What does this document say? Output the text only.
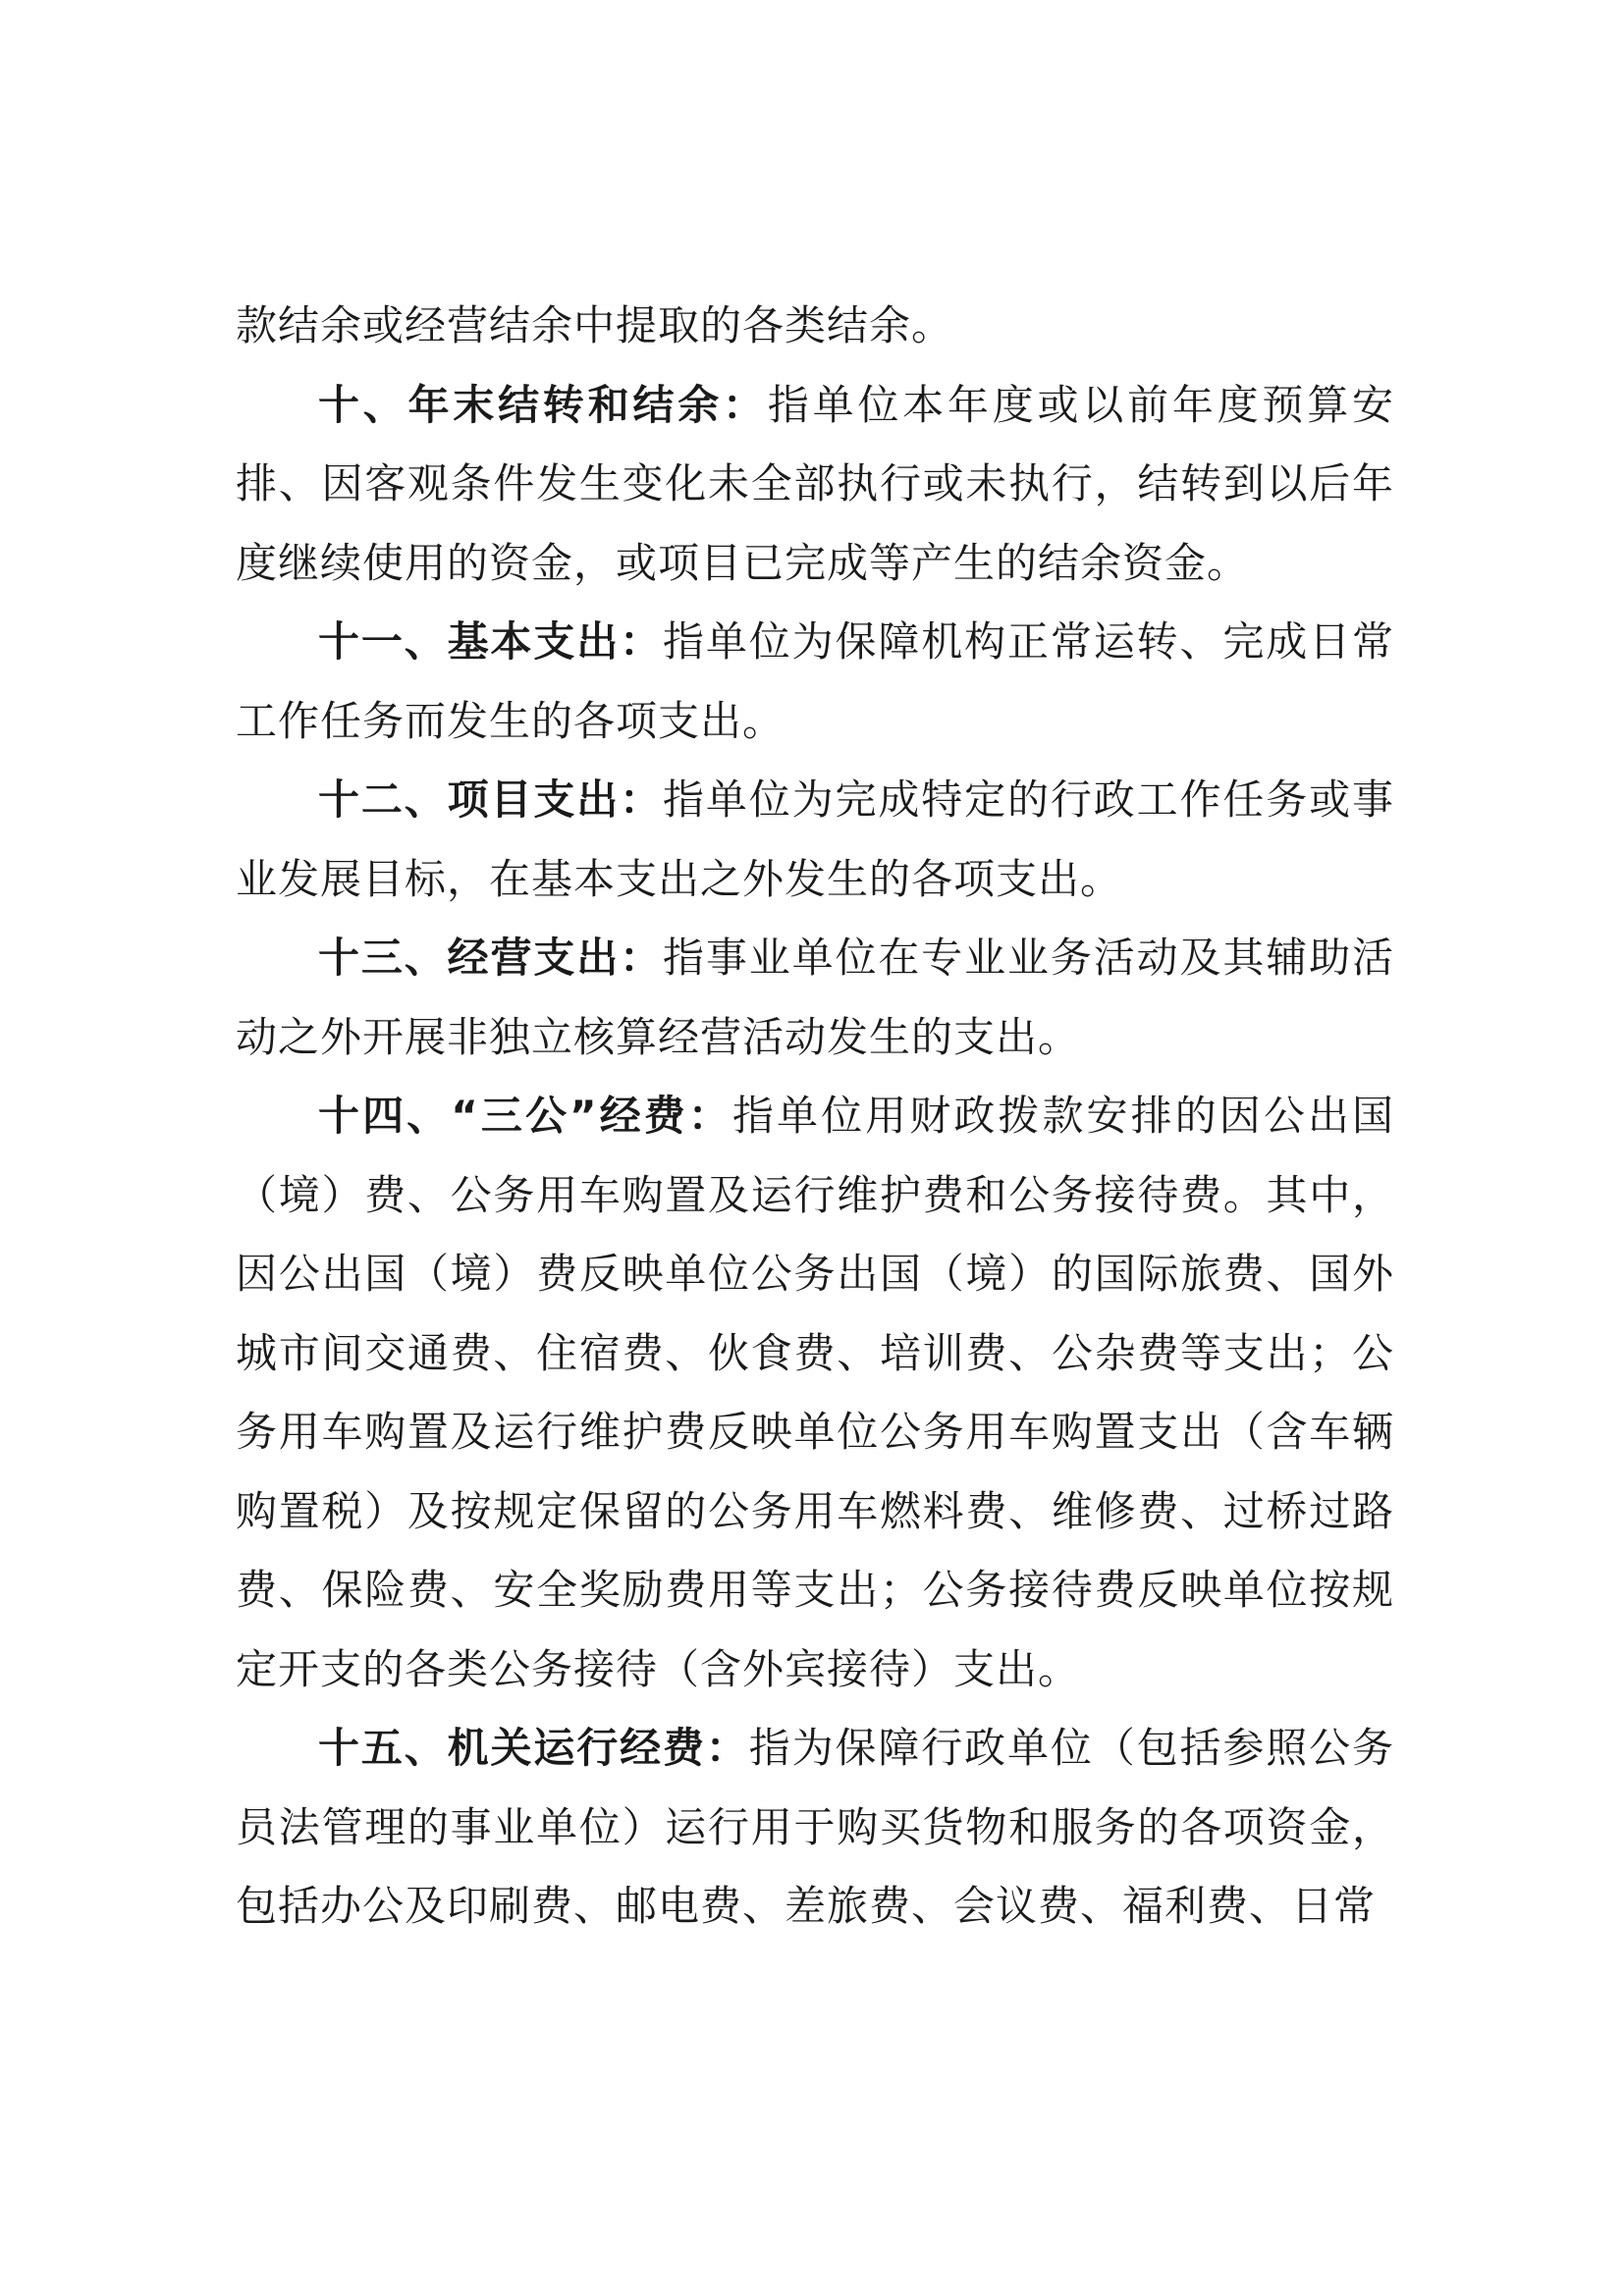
款结余或经营结余中提取的各类结余。

十、年末结转和结余：指单位本年度或以前年度预算安排、因客观条件发生变化未全部执行或未执行，结转到以后年度继续使用的资金，或项目已完成等产生的结余资金。

十一、基本支出：指单位为保障机构正常运转、完成日常工作任务而发生的各项支出。

十二、项目支出：指单位为完成特定的行政工作任务或事业发展目标，在基本支出之外发生的各项支出。

十三、经营支出：指事业单位在专业业务活动及其辅助活动之外开展非独立核算经营活动发生的支出。

十四、“三公”经费：指单位用财政拨款安排的因公出国（境）费、公务用车购置及运行维护费和公务接待费。其中，因公出国（境）费反映单位公务出国（境）的国际旅费、国外城市间交通费、住宿费、伙食费、培训费、公杂费等支出；公务用车购置及运行维护费反映单位公务用车购置支出（含车辆购置税）及按规定保留的公务用车燃料费、维修费、过桥过路费、保险费、安全奖励费用等支出；公务接待费反映单位按规定开支的各类公务接待（含外宾接待）支出。

十五、机关运行经费：指为保障行政单位（包括参照公务员法管理的事业单位）运行用于购买货物和服务的各项资金，包括办公及印刷费、邮电费、差旅费、会议费、福利费、日常
